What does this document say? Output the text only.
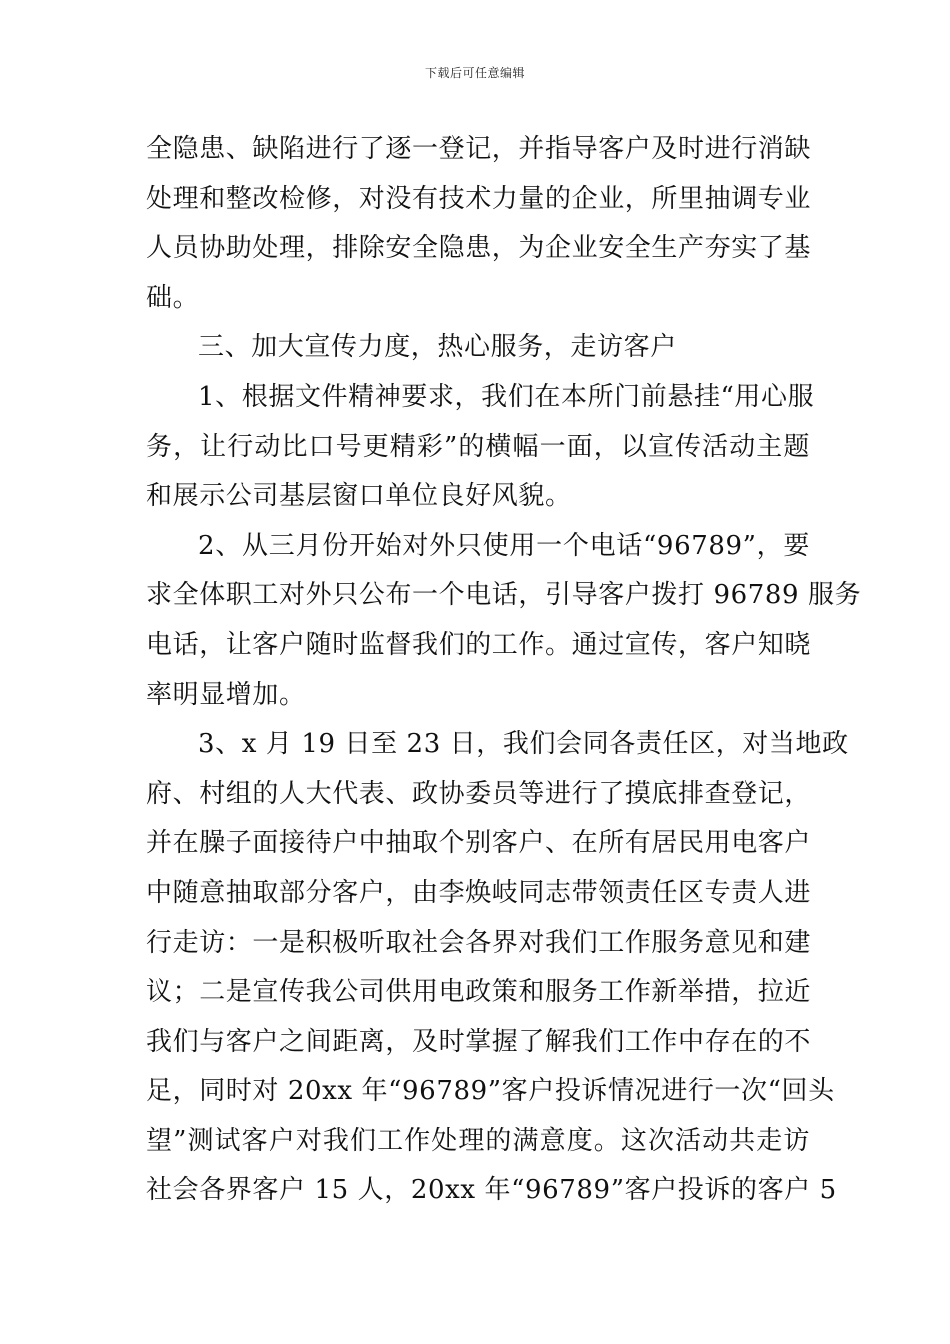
下载后可任意编辑
全隐患、缺陷进行了逐一登记，并指导客户及时进行消缺
处理和整改检修，对没有技术力量的企业，所里抽调专业
人员协助处理，排除安全隐患，为企业安全生产夯实了基
础。
三、加大宣传力度，热心服务，走访客户
1、根据文件精神要求，我们在本所门前悬挂“用心服
务，让行动比口号更精彩”的横幅一面，以宣传活动主题
和展示公司基层窗口单位良好风貌。
2、从三月份开始对外只使用一个电话“96789”，要
求全体职工对外只公布一个电话，引导客户拨打 96789 服务
电话，让客户随时监督我们的工作。通过宣传，客户知晓
率明显增加。
3、x 月 19 日至 23 日，我们会同各责任区，对当地政
府、村组的人大代表、政协委员等进行了摸底排查登记，
并在臊子面接待户中抽取个别客户、在所有居民用电客户
中随意抽取部分客户，由李焕岐同志带领责任区专责人进
行走访：一是积极听取社会各界对我们工作服务意见和建
议；二是宣传我公司供用电政策和服务工作新举措，拉近
我们与客户之间距离，及时掌握了解我们工作中存在的不
足，同时对 20xx 年“96789”客户投诉情况进行一次“回头
望”测试客户对我们工作处理的满意度。这次活动共走访
社会各界客户 15 人，20xx 年“96789”客户投诉的客户 5
